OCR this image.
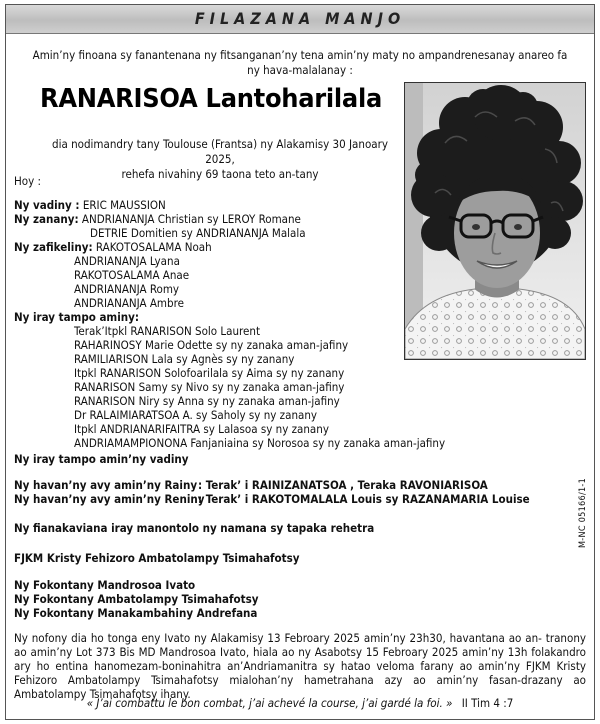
FILAZANA MANJO
Amin’ny finoana sy fanantenana ny fitsanganan’ny tena amin’ny maty no ampandrenesanay anareo fa ny hava-malalanay :
RANARISOA Lantoharilala
dia nodimandry tany Toulouse (Frantsa) ny Alakamisy 30 Janoary 2025,
rehefa nivahiny 69 taona teto an-tany
Hoy :
Ny vadiny : ERIC MAUSSION
Ny zanany: ANDRIANANJA Christian sy LEROY Romane
DETRIE Domitien sy ANDRIANANJA Malala
Ny zafikeliny: RAKOTOSALAMA Noah
ANDRIANANJA Lyana
RAKOTOSALAMA Anae
ANDRIANANJA Romy
ANDRIANANJA Ambre
Ny iray tampo aminy:
Terak’Itpkl RANARISON Solo Laurent
RAHARINOSY Marie Odette sy ny zanaka aman-jafiny
RAMILIARISON Lala sy Agnès sy ny zanany
Itpkl RANARISON Solofoarilala sy Aima sy ny zanany
RANARISON Samy sy Nivo sy ny zanaka aman-jafiny
RANARISON Niry sy Anna sy ny zanaka aman-jafiny
Dr RALAIMIARATSOA A. sy Saholy sy ny zanany
Itpkl ANDRIANARIFAITRA sy Lalasoa sy ny zanany
ANDRIAMAMPIONONA Fanjaniaina sy Norosoa sy ny zanaka aman-jafiny
Ny iray tampo amin’ny vadiny
Ny havan’ny avy amin’ny Rainy : Terak’ i RAINIZANATSOA , Teraka RAVONIARISOA
Ny havan’ny avy amin’ny Reniny
: Terak’ i RAKOTOMALALA Louis sy RAZANAMARIA Louise
Ny fianakaviana iray manontolo ny namana sy tapaka rehetra
FJKM Kristy Fehizoro Ambatolampy Tsimahafotsy
Ny Fokontany Mandrosoa Ivato
Ny Fokontany Ambatolampy Tsimahafotsy
Ny Fokontany Manakambahiny Andrefana
M-NC 05166/1-1
Ny nofony dia ho tonga eny Ivato ny Alakamisy 13 Febroary 2025 amin’ny 23h30, havantana ao an- tranony ao amin’ny Lot 373 Bis MD Mandrosoa Ivato, hiala ao ny Asabotsy 15 Febroary 2025 amin’ny 13h folakandro ary ho entina hanomezam-boninahitra an’Andriamanitra sy hatao veloma farany ao amin’ny FJKM Kristy Fehizoro Ambatolampy Tsimahafotsy mialohan’ny hametrahana azy ao amin’ny fasan-drazany ao Ambatolampy Tsimahafotsy ihany.
« J’ai combattu le bon combat, j’ai achevé la course, j’ai gardé la foi. » II Tim 4 :7
